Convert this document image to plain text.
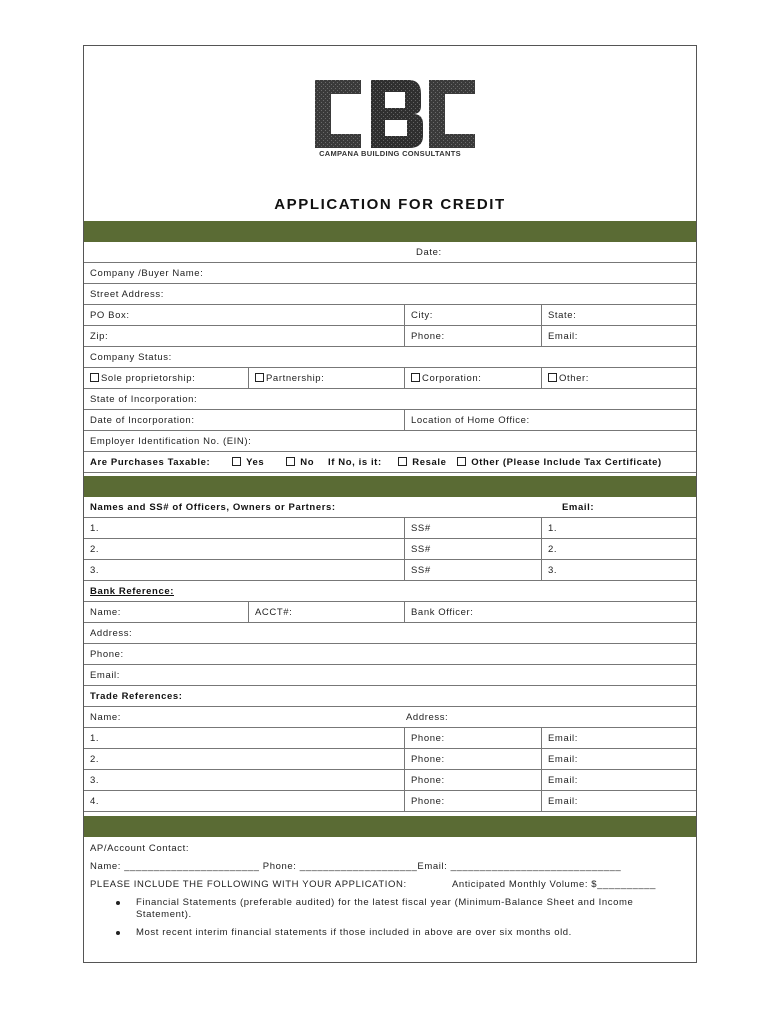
CAMPANA BUILDING CONSULTANTS
APPLICATION FOR CREDIT
Date:
Company /Buyer Name:
Street Address:
PO Box:	City:	State:
Zip:	Phone:	Email:
Company Status:
Sole proprietorship:	Partnership:	Corporation:	Other:
State of Incorporation:
Date of Incorporation:	Location of Home Office:
Employer Identification No. (EIN):
Are Purchases Taxable:	Yes	No	If No, is it:	Resale	Other (Please Include Tax Certificate)
Names and SS# of Officers, Owners or Partners:	Email:
1.	SS#	1.
2.	SS#	2.
3.	SS#	3.
Bank Reference:
Name:	ACCT#:	Bank Officer:
Address:
Phone:
Email:
Trade References:
Name:	Address:
1.	Phone:	Email:
2.	Phone:	Email:
3.	Phone:	Email:
4.	Phone:	Email:
AP/Account Contact:
Name: _______________________ Phone: ____________________Email: _____________________________
PLEASE INCLUDE THE FOLLOWING WITH YOUR APPLICATION:	Anticipated Monthly Volume: $__________
Financial Statements (preferable audited) for the latest fiscal year (Minimum-Balance Sheet and Income Statement).
Most recent interim financial statements if those included in above are over six months old.
